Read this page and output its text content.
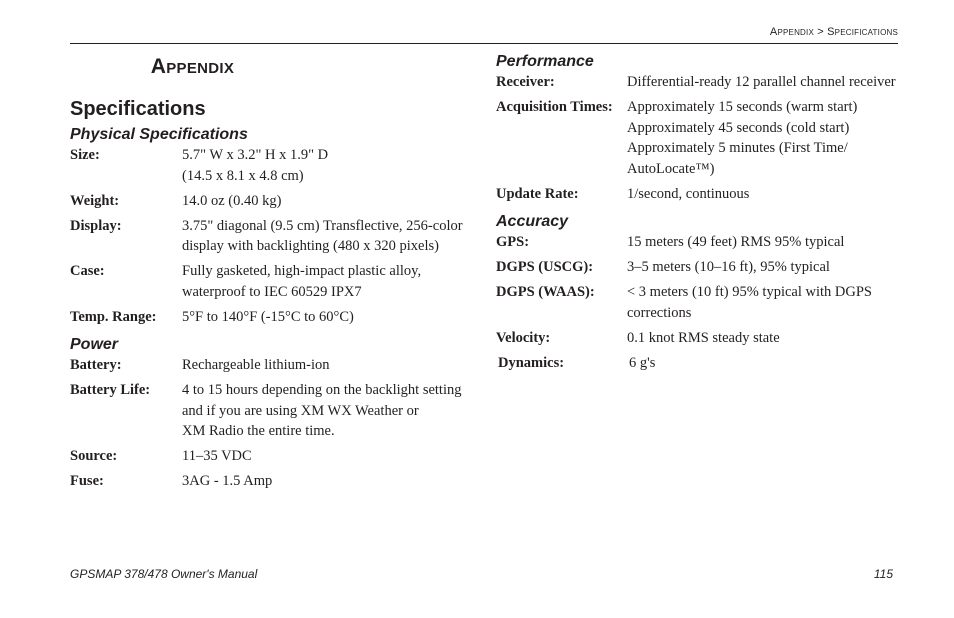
Appendix > Specifications
Appendix
Specifications
Physical Specifications
Size:	5.7" W x 3.2" H x 1.9" D
(14.5 x 8.1 x 4.8 cm)
Weight:	14.0 oz (0.40 kg)
Display:	3.75" diagonal (9.5 cm) Transflective, 256-color
display with backlighting (480 x 320 pixels)
Case:	Fully gasketed, high-impact plastic alloy,
waterproof to IEC 60529 IPX7
Temp. Range:	5°F to 140°F (-15°C to 60°C)
Power
Battery:	Rechargeable lithium-ion
Battery Life:	4 to 15 hours depending on the backlight setting
and if you are using XM WX Weather or
XM Radio the entire time.
Source:	11–35 VDC
Fuse:	3AG - 1.5 Amp
Performance
Receiver:	Differential-ready 12 parallel channel receiver
Acquisition Times: Approximately 15 seconds (warm start)
Approximately 45 seconds (cold start)
Approximately 5 minutes (First Time/
AutoLocate™)
Update Rate:	1/second, continuous
Accuracy
GPS:	15 meters (49 feet) RMS 95% typical
DGPS (USCG):	3–5 meters (10–16 ft), 95% typical
DGPS (WAAS):	< 3 meters (10 ft) 95% typical with DGPS
corrections
Velocity:	0.1 knot RMS steady state
Dynamics:	6 g's
GPSMAP 378/478 Owner's Manual	115
